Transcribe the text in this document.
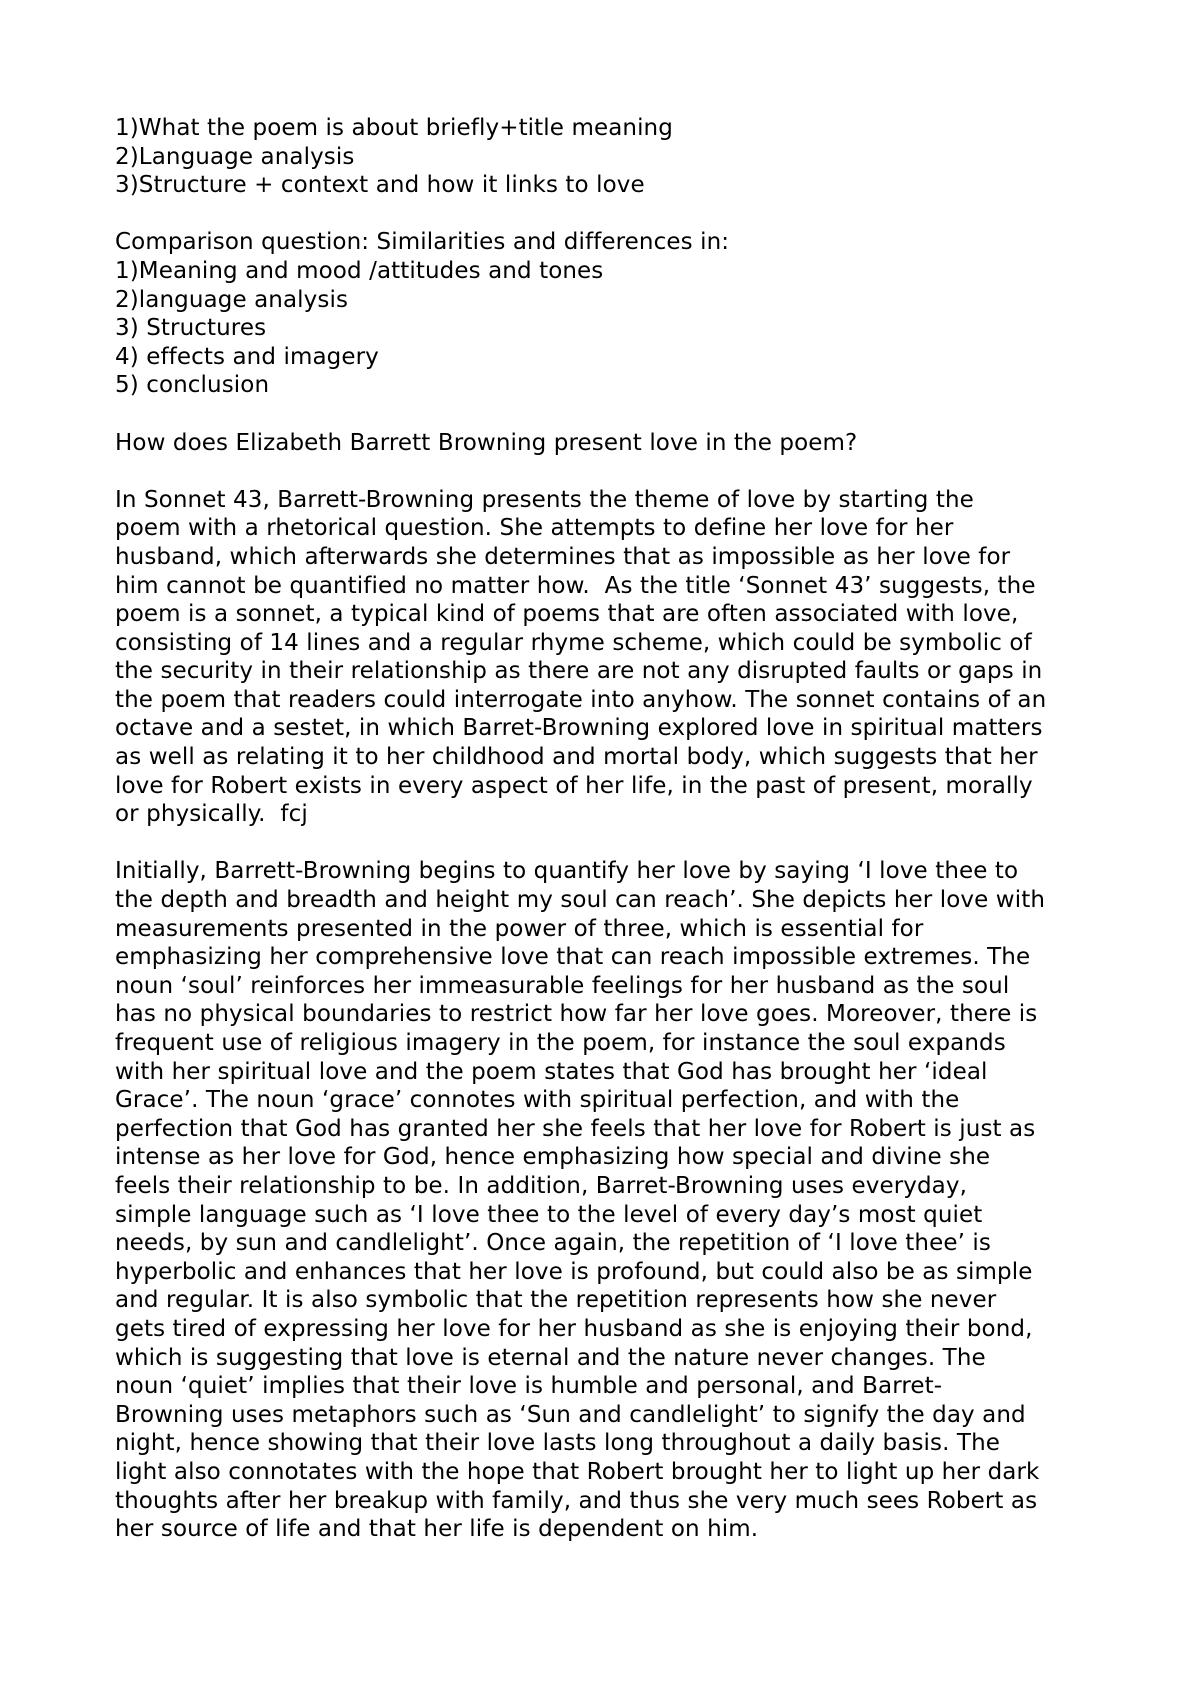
1)What the poem is about briefly+title meaning
2)Language analysis
3)Structure + context and how it links to love
Comparison question: Similarities and differences in:
1)Meaning and mood /attitudes and tones
2)language analysis
3) Structures
4) effects and imagery
5) conclusion
How does Elizabeth Barrett Browning present love in the poem?

In Sonnet 43, Barrett-Browning presents the theme of love by starting the
poem with a rhetorical question. She attempts to define her love for her
husband, which afterwards she determines that as impossible as her love for
him cannot be quantified no matter how.  As the title ‘Sonnet 43’ suggests, the
poem is a sonnet, a typical kind of poems that are often associated with love,
consisting of 14 lines and a regular rhyme scheme, which could be symbolic of
the security in their relationship as there are not any disrupted faults or gaps in
the poem that readers could interrogate into anyhow. The sonnet contains of an
octave and a sestet, in which Barret-Browning explored love in spiritual matters
as well as relating it to her childhood and mortal body, which suggests that her
love for Robert exists in every aspect of her life, in the past of present, morally
or physically.  fcj

Initially, Barrett-Browning begins to quantify her love by saying ‘I love thee to
the depth and breadth and height my soul can reach’. She depicts her love with
measurements presented in the power of three, which is essential for
emphasizing her comprehensive love that can reach impossible extremes. The
noun ‘soul’ reinforces her immeasurable feelings for her husband as the soul
has no physical boundaries to restrict how far her love goes. Moreover, there is
frequent use of religious imagery in the poem, for instance the soul expands
with her spiritual love and the poem states that God has brought her ‘ideal
Grace’. The noun ‘grace’ connotes with spiritual perfection, and with the
perfection that God has granted her she feels that her love for Robert is just as
intense as her love for God, hence emphasizing how special and divine she
feels their relationship to be. In addition, Barret-Browning uses everyday,
simple language such as ‘I love thee to the level of every day’s most quiet
needs, by sun and candlelight’. Once again, the repetition of ‘I love thee’ is
hyperbolic and enhances that her love is profound, but could also be as simple
and regular. It is also symbolic that the repetition represents how she never
gets tired of expressing her love for her husband as she is enjoying their bond,
which is suggesting that love is eternal and the nature never changes. The
noun ‘quiet’ implies that their love is humble and personal, and Barret-
Browning uses metaphors such as ‘Sun and candlelight’ to signify the day and
night, hence showing that their love lasts long throughout a daily basis. The
light also connotates with the hope that Robert brought her to light up her dark
thoughts after her breakup with family, and thus she very much sees Robert as
her source of life and that her life is dependent on him.
